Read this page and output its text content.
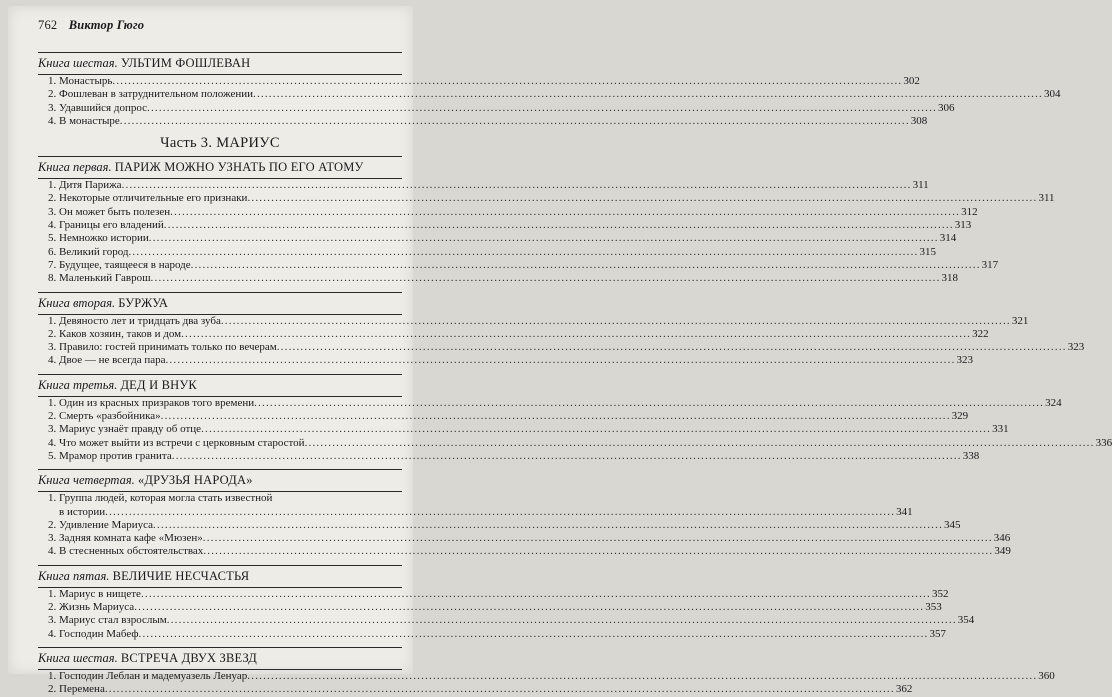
762 Виктор Гюго
Книга шестая. УЛЬТИМ ФОШЛЕВАН
1. Монастырь ........................................................................................................................................................................................................ 302
2. Фошлеван в затруднительном положении ........................................................................................................................................................................................................ 304
3. Удавшийся допрос ........................................................................................................................................................................................................ 306
4. В монастыре ........................................................................................................................................................................................................ 308
Часть 3. МАРИУС
Книга первая. ПАРИЖ МОЖНО УЗНАТЬ ПО ЕГО АТОМУ
1. Дитя Парижа ........................................................................................................................................................................................................ 311
2. Некоторые отличительные его признаки ........................................................................................................................................................................................................ 311
3. Он может быть полезен ........................................................................................................................................................................................................ 312
4. Границы его владений ........................................................................................................................................................................................................ 313
5. Немножко истории ........................................................................................................................................................................................................ 314
6. Великий город ........................................................................................................................................................................................................ 315
7. Будущее, таящееся в народе ........................................................................................................................................................................................................ 317
8. Маленький Гаврош ........................................................................................................................................................................................................ 318
Книга вторая. БУРЖУА
1. Девяносто лет и тридцать два зуба ........................................................................................................................................................................................................ 321
2. Каков хозяин, таков и дом ........................................................................................................................................................................................................ 322
3. Правило: гостей принимать только по вечерам ........................................................................................................................................................................................................ 323
4. Двое — не всегда пара ........................................................................................................................................................................................................ 323
Книга третья. ДЕД И ВНУК
1. Один из красных призраков того времени ........................................................................................................................................................................................................ 324
2. Смерть «разбойника» ........................................................................................................................................................................................................ 329
3. Мариус узнаёт правду об отце ........................................................................................................................................................................................................ 331
4. Что может выйти из встречи с церковным старостой ........................................................................................................................................................................................................ 336
5. Мрамор против гранита ........................................................................................................................................................................................................ 338
Книга четвертая. «ДРУЗЬЯ НАРОДА»
1. Группа людей, которая могла стать известной
в истории ........................................................................................................................................................................................................ 341
2. Удивление Мариуса ........................................................................................................................................................................................................ 345
3. Задняя комната кафе «Мюзен» ........................................................................................................................................................................................................ 346
4. В стесненных обстоятельствах ........................................................................................................................................................................................................ 349
Книга пятая. ВЕЛИЧИЕ НЕСЧАСТЬЯ
1. Мариус в нищете ........................................................................................................................................................................................................ 352
2. Жизнь Мариуса ........................................................................................................................................................................................................ 353
3. Мариус стал взрослым ........................................................................................................................................................................................................ 354
4. Господин Мабеф ........................................................................................................................................................................................................ 357
Книга шестая. ВСТРЕЧА ДВУХ ЗВЕЗД
1. Господин Леблан и мадемуазель Ленуар ........................................................................................................................................................................................................ 360
2. Перемена ........................................................................................................................................................................................................ 362
